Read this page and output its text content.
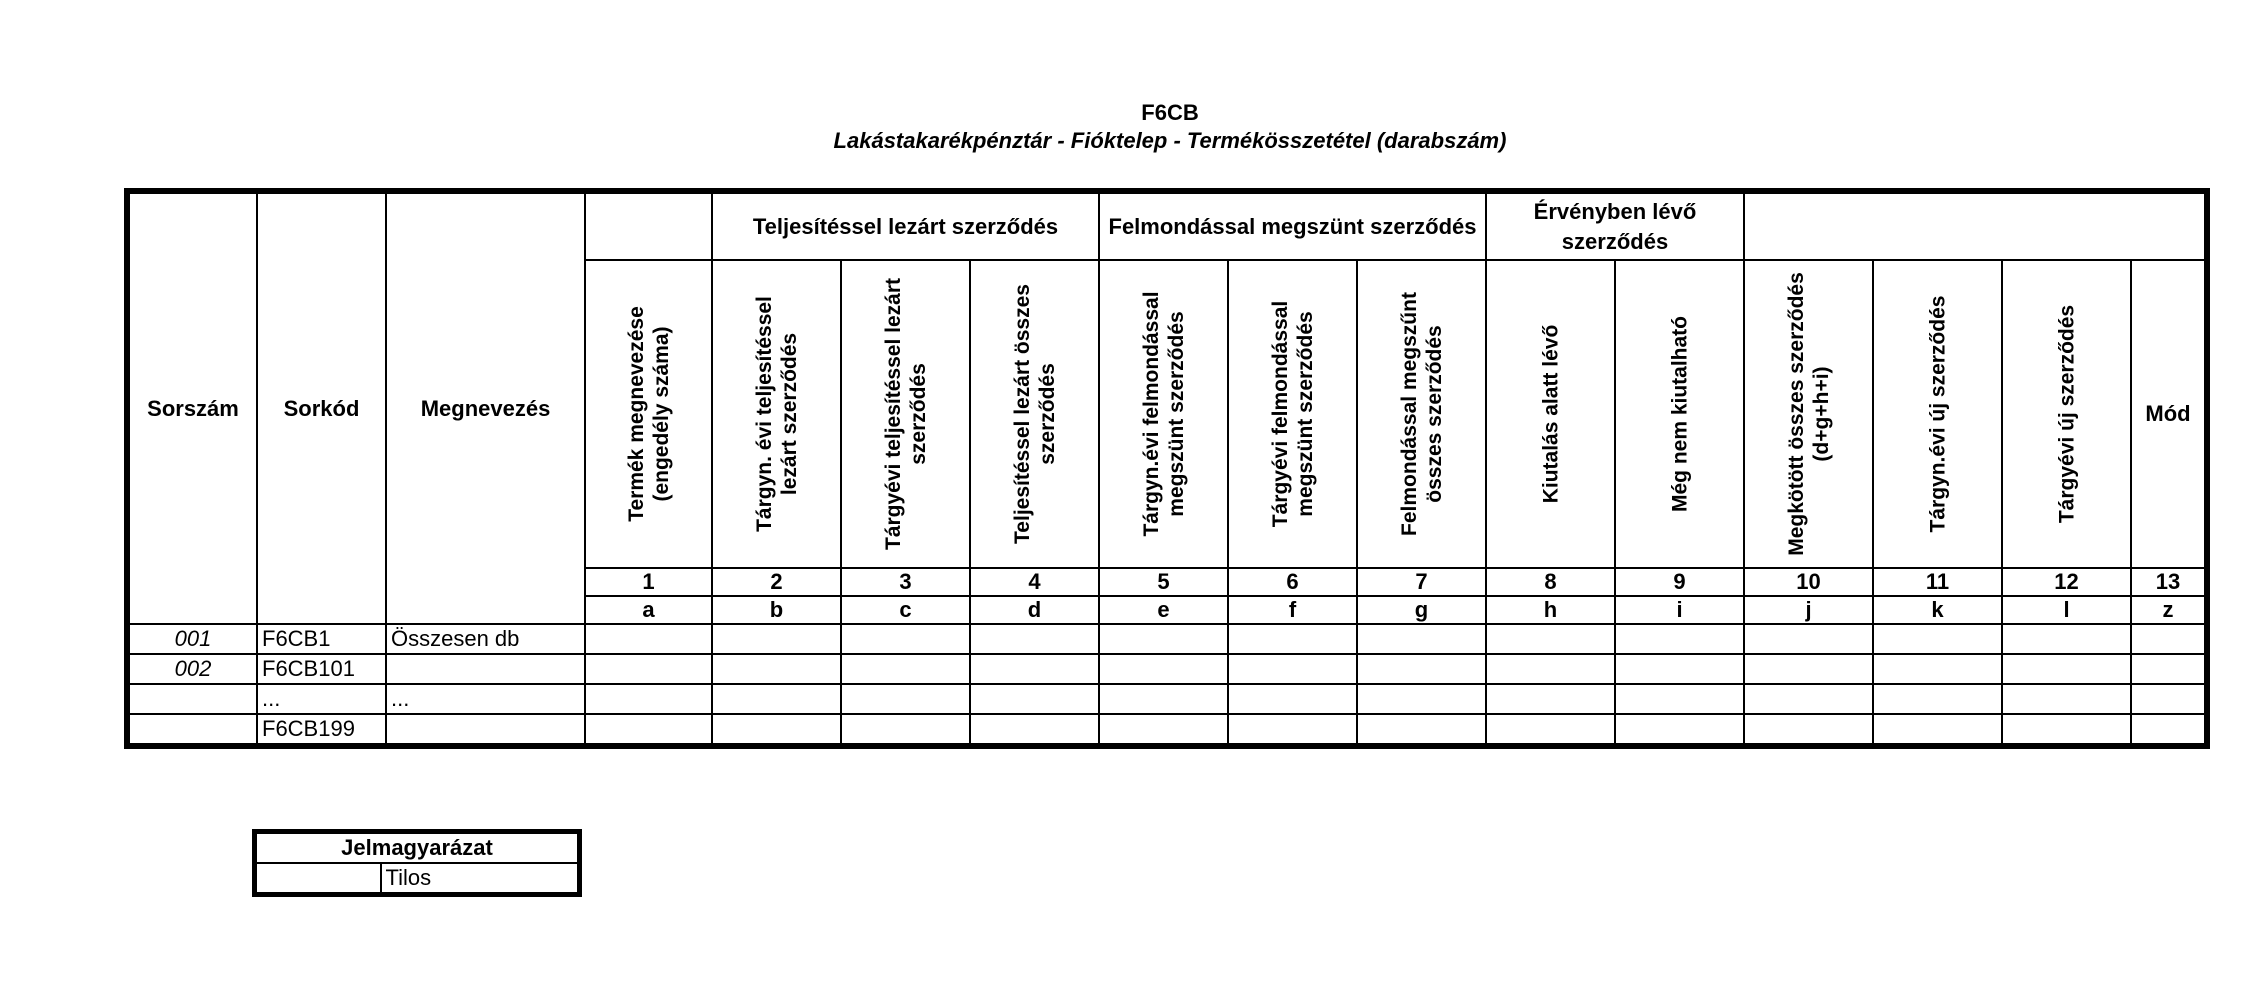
F6CB
Lakástakarékpénztár - Fióktelep - Termékösszetétel (darabszám)
Sorszám	Sorkód	Megnevezés		Teljesítéssel lezárt szerződés			Felmondással megszünt szerződés			Érvényben lévő szerződés					

			Termék megnevezése (engedély száma)	Tárgyn. évi teljesítéssel lezárt szerződés	Tárgyévi teljesítéssel lezárt szerződés	Teljesítéssel lezárt összes szerződés	Tárgyn.évi felmondással megszünt szerződés	Tárgyévi felmondással megszünt szerződés	Felmondással megszűnt összes szerződés	Kiutalás alatt lévő	Még nem kiutalható	Megkötött összes szerződés (d+g+h+i)	Tárgyn.évi új szerződés	Tárgyévi új szerződés	Mód
			1	2	3	4	5	6	7	8	9	10	11	12	13
			a	b	c	d	e	f	g	h	i	j	k	l	z
001	F6CB1	Összesen db													
002	F6CB101														
	...	...													
	F6CB199														
Jelmagyarázat
	Tilos
